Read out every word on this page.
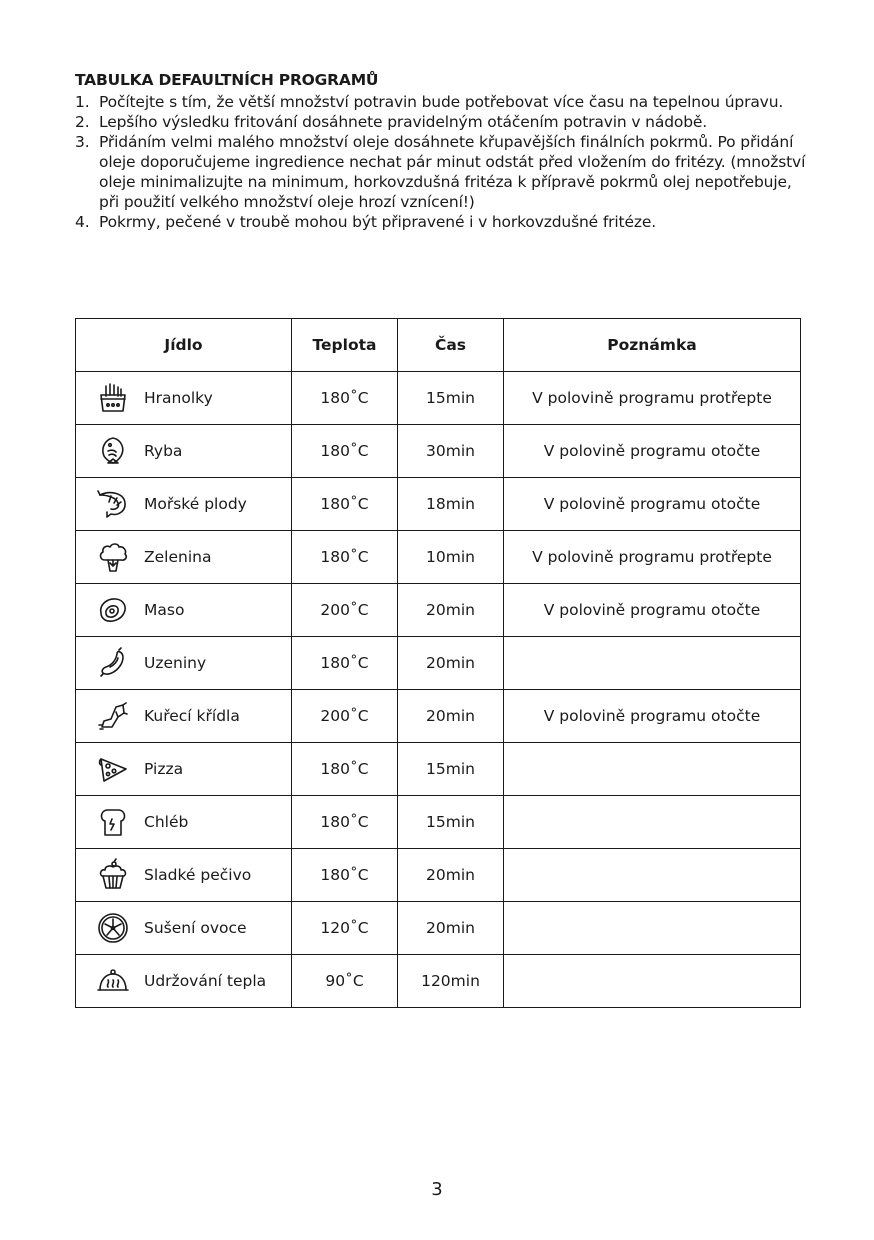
TABULKA DEFAULTNÍCH PROGRAMŮ
1. Počítejte s tím, že větší množství potravin bude potřebovat více času na tepelnou úpravu.
2. Lepšího výsledku fritování dosáhnete pravidelným otáčením potravin v nádobě.
3. Přidáním velmi malého množství oleje dosáhnete křupavějších finálních pokrmů. Po přidání oleje doporučujeme ingredience nechat pár minut odstát před vložením do fritézy. (množství oleje minimalizujte na minimum, horkovzdušná fritéza k přípravě pokrmů olej nepotřebuje, při použití velkého množství oleje hrozí vznícení!)
4. Pokrmy, pečené v troubě mohou být připravené i v horkovzdušné fritéze.
Jídlo	Teplota	Čas	Poznámka

Hranolky	180˚C	15min	V polovině programu protřepte

Ryba	180˚C	30min	V polovině programu otočte

Mořské plody	180˚C	18min	V polovině programu otočte

Zelenina	180˚C	10min	V polovině programu protřepte

Maso	200˚C	20min	V polovině programu otočte

Uzeniny	180˚C	20min	

Kuřecí křídla	200˚C	20min	V polovině programu otočte

Pizza	180˚C	15min	

Chléb	180˚C	15min	

Sladké pečivo	180˚C	20min	

Sušení ovoce	120˚C	20min	

Udržování tepla	90˚C	120min	
3
